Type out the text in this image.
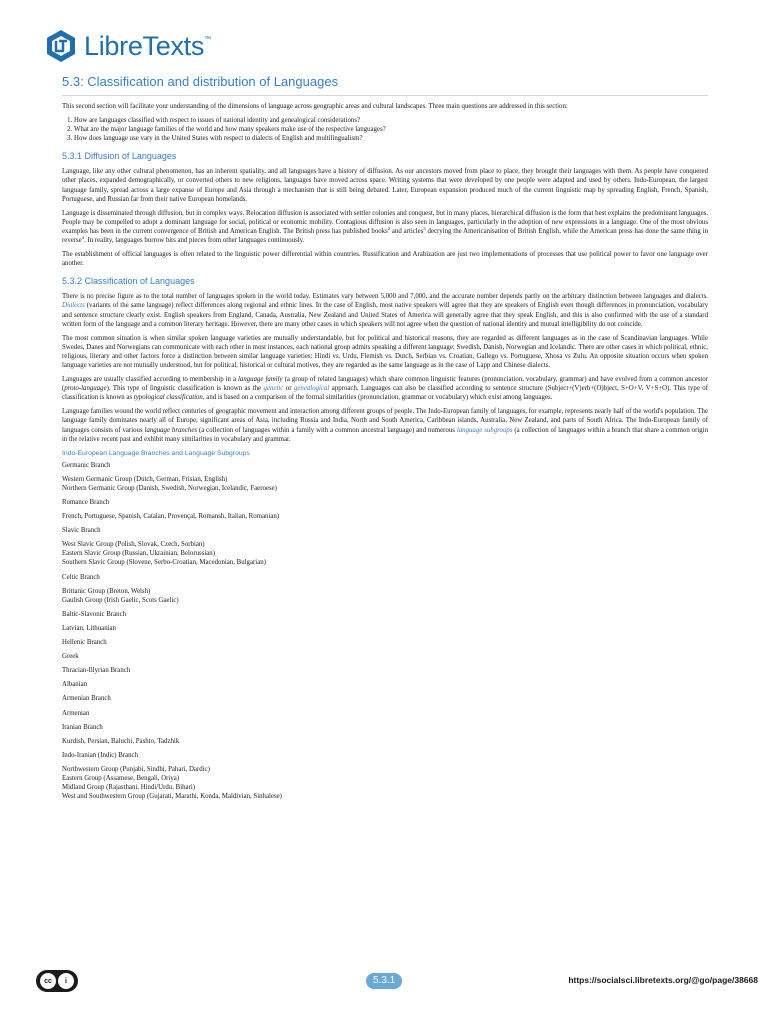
LibreTexts ™
5.3: Classification and distribution of Languages

This second section will facilitate your understanding of the dimensions of language across geographic areas and cultural landscapes. Three main questions are addressed in this section:

1. How are languages classified with respect to issues of national identity and genealogical considerations?
2. What are the major language families of the world and how many speakers make use of the respective languages?
3. How does language use vary in the United States with respect to dialects of English and multilingualism?
5.3.1 Diffusion of Languages

Language, like any other cultural phenomenon, has an inherent spatiality, and all languages have a history of diffusion. As our ancestors moved from place to place, they brought their languages with them. As people have conquered other places, expanded demographically, or converted others to new religions, languages have moved across space. Writing systems that were developed by one people were adapted and used by others. Indo-European, the largest language family, spread across a large expanse of Europe and Asia through a mechanism that is still being debated. Later, European expansion produced much of the current linguistic map by spreading English, French, Spanish, Portuguese, and Russian far from their native European homelands.

Language is disseminated through diffusion, but in complex ways. Relocation diffusion is associated with settler colonies and conquest, but in many places, hierarchical diffusion is the form that best explains the predominant languages. People may be compelled to adopt a dominant language for social, political or economic mobility. Contagious diffusion is also seen in languages, particularly in the adoption of new expressions in a language. One of the most obvious examples has been in the current convergence of British and American English. The British press has published books$^2$ and articles$^3$ decrying the Americanisation of British English, while the American press has done the same thing in reverse$^4$. In reality, languages borrow bits and pieces from other languages continuously.

The establishment of official languages is often related to the linguistic power differential within countries. Russification and Arabization are just two implementations of processes that use political power to favor one language over another.

5.3.2 Classification of Languages

There is no precise figure as to the total number of languages spoken in the world today. Estimates vary between 5,000 and 7,000, and the accurate number depends partly on the arbitrary distinction between languages and dialects. Dialects (variants of the same language) reflect differences along regional and ethnic lines. In the case of English, most native speakers will agree that they are speakers of English even though differences in pronunciation, vocabulary and sentence structure clearly exist. English speakers from England, Canada, Australia, New Zealand and United States of America will generally agree that they speak English, and this is also confirmed with the use of a standard written form of the language and a common literary heritage. However, there are many other cases in which speakers will not agree when the question of national identity and mutual intelligibility do not coincide.

The most common situation is when similar spoken language varieties are mutually understandable, but for political and historical reasons, they are regarded as different languages as in the case of Scandinavian languages. While Swedes, Danes and Norwegians can communicate with each other in most instances, each national group admits speaking a different language: Swedish, Danish, Norwegian and Icelandic. There are other cases in which political, ethnic, religious, literary and other factors force a distinction between similar language varieties: Hindi vs. Urdu, Flemish vs. Dutch, Serbian vs. Croatian, Gallego vs. Portuguese, Xhosa vs Zulu. An opposite situation occurs when spoken language varieties are not mutually understood, but for political, historical or cultural motives, they are regarded as the same language as in the case of Lapp and Chinese dialects.

Languages are usually classified according to membership in a language family (a group of related languages) which share common linguistic features (pronunciation, vocabulary, grammar) and have evolved from a common ancestor (proto-language). This type of linguistic classification is known as the genetic or genealogical approach. Languages can also be classified according to sentence structure (Subject+(V)erb+(O)bject, S+O+V, V+S+O). This type of classification is known as typological classification, and is based on a comparison of the formal similarities (pronunciation, grammar or vocabulary) which exist among languages.

Language families wound the world reflect centuries of geographic movement and interaction among different groups of people. The Indo-European family of languages, for example, represents nearly half of the world's population. The language family dominates nearly all of Europe, significant areas of Asia, including Russia and India, North and South America, Caribbean islands, Australia, New Zealand, and parts of South Africa. The Indo-European family of languages consists of various language branches (a collection of languages within a family with a common ancestral language) and numerous language subgroups (a collection of languages within a branch that share a common origin in the relative recent past and exhibit many similarities in vocabulary and grammar.

Indo-European Language Branches and Language Subgroups
Germanic Branch
Western Germanic Group (Dutch, German, Frisian, English)
Northern Germanic Group (Danish, Swedish, Norwegian, Icelandic, Faeroese)
Romance Branch
French, Portuguese, Spanish, Catalan, Provençal, Romansh, Italian, Romanian)
Slavic Branch
West Slavic Group (Polish, Slovak, Czech, Sorbian)
Eastern Slavic Group (Russian, Ukrainian, Belorussian)
Southern Slavic Group (Slovene, Serbo-Croatian, Macedonian, Bulgarian)
Celtic Branch
Brittanic Group (Breton, Welsh)
Gaulish Group (Irish Gaelic, Scots Gaelic)
Baltic-Slavonic Branch
Latvian, Lithuanian
Hellenic Branch
Greek
Thracian-Illyrian Branch
Albanian
Armenian Branch
Armenian
Iranian Branch
Kurdish, Persian, Baluchi, Pashto, Tadzhik
Indo-Iranian (Indic) Branch
Northwestern Group (Punjabi, Sindhi, Pahari, Dardic)
Eastern Group (Assamese, Bengali, Oriya)
Midland Group (Rajasthani, Hindi/Urdu, Bihari)
West and Southwestern Group (Gujarati, Marathi, Konda, Maldivian, Sinhalese)
cc	i	5.3.1	https://socialsci.libretexts.org/@go/page/38668
